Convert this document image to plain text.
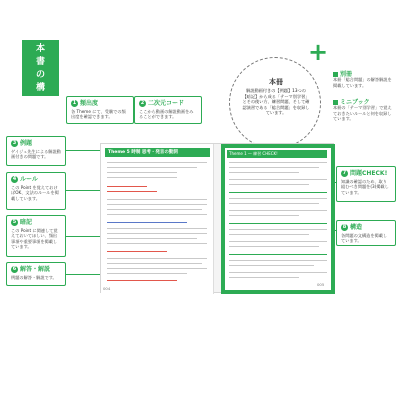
本
書
の
構
1 頻出度
各 Theme にて、受験での頻出度を確認できます。
2 二次元コード
ここから動画の解説動画をみることができます。
3 例題
ゲイジュ先生による解説動画付きの問題です。
4 ルール
この Point を覚えておけばOK、文法のルールを掲載しています。
5 暗記
この Point に関連して覚えておいてほしい、頻出事項や重要事項を掲載しています。
6 解答・解説
例題の解答・解説です。
本冊
解説動画付きの【例題】13つの【暗記】から成る「テーマ別学習」とその使い方、練習問題、そして確認演習である「総合問題」を収録しています。
+
別冊
本冊「総合問題」の解答解説を掲載しています。
ミニブック
本冊の「テーマ別学習」で覚えておきたいルールと何を収録しています。
7 問題CHECK!
知識の確認のため、取り組むべき問題を(3)掲載しています。
8 構造
各問題の文構造を掲載しています。
Theme 5 時制 思考・発言の動詞
004
Theme 1 — 練習 CHECK!
005
